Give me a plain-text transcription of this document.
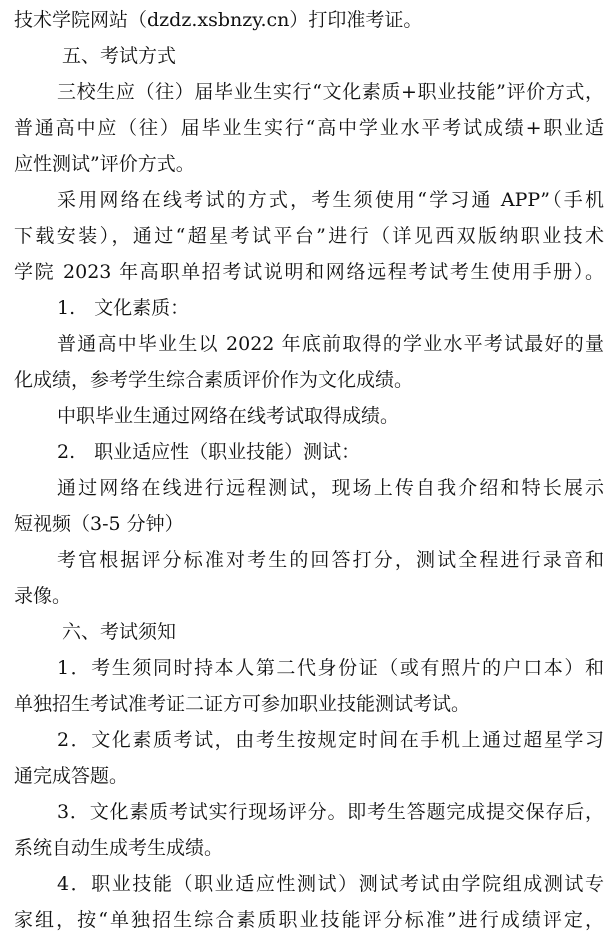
技术学院网站（dzdz.xsbnzy.cn）打印准考证。
五、考试方式
三校生应（往）届毕业生实行“文化素质+职业技能”评价方式，
普通高中应（往）届毕业生实行“高中学业水平考试成绩+职业适
应性测试”评价方式。
采用网络在线考试的方式，考生须使用“学习通 APP”（手机
下载安装），通过“超星考试平台”进行（详见西双版纳职业技术
学院 2023 年高职单招考试说明和网络远程考试考生使用手册）。
1.　文化素质：
普通高中毕业生以 2022 年底前取得的学业水平考试最好的量
化成绩，参考学生综合素质评价作为文化成绩。
中职毕业生通过网络在线考试取得成绩。
2.　职业适应性（职业技能）测试：
通过网络在线进行远程测试，现场上传自我介绍和特长展示
短视频（3-5 分钟）
考官根据评分标准对考生的回答打分，测试全程进行录音和
录像。
六、考试须知
1．考生须同时持本人第二代身份证（或有照片的户口本）和
单独招生考试准考证二证方可参加职业技能测试考试。
2．文化素质考试，由考生按规定时间在手机上通过超星学习
通完成答题。
3．文化素质考试实行现场评分。即考生答题完成提交保存后，
系统自动生成考生成绩。
4．职业技能（职业适应性测试）测试考试由学院组成测试专
家组，按“单独招生综合素质职业技能评分标准”进行成绩评定，
